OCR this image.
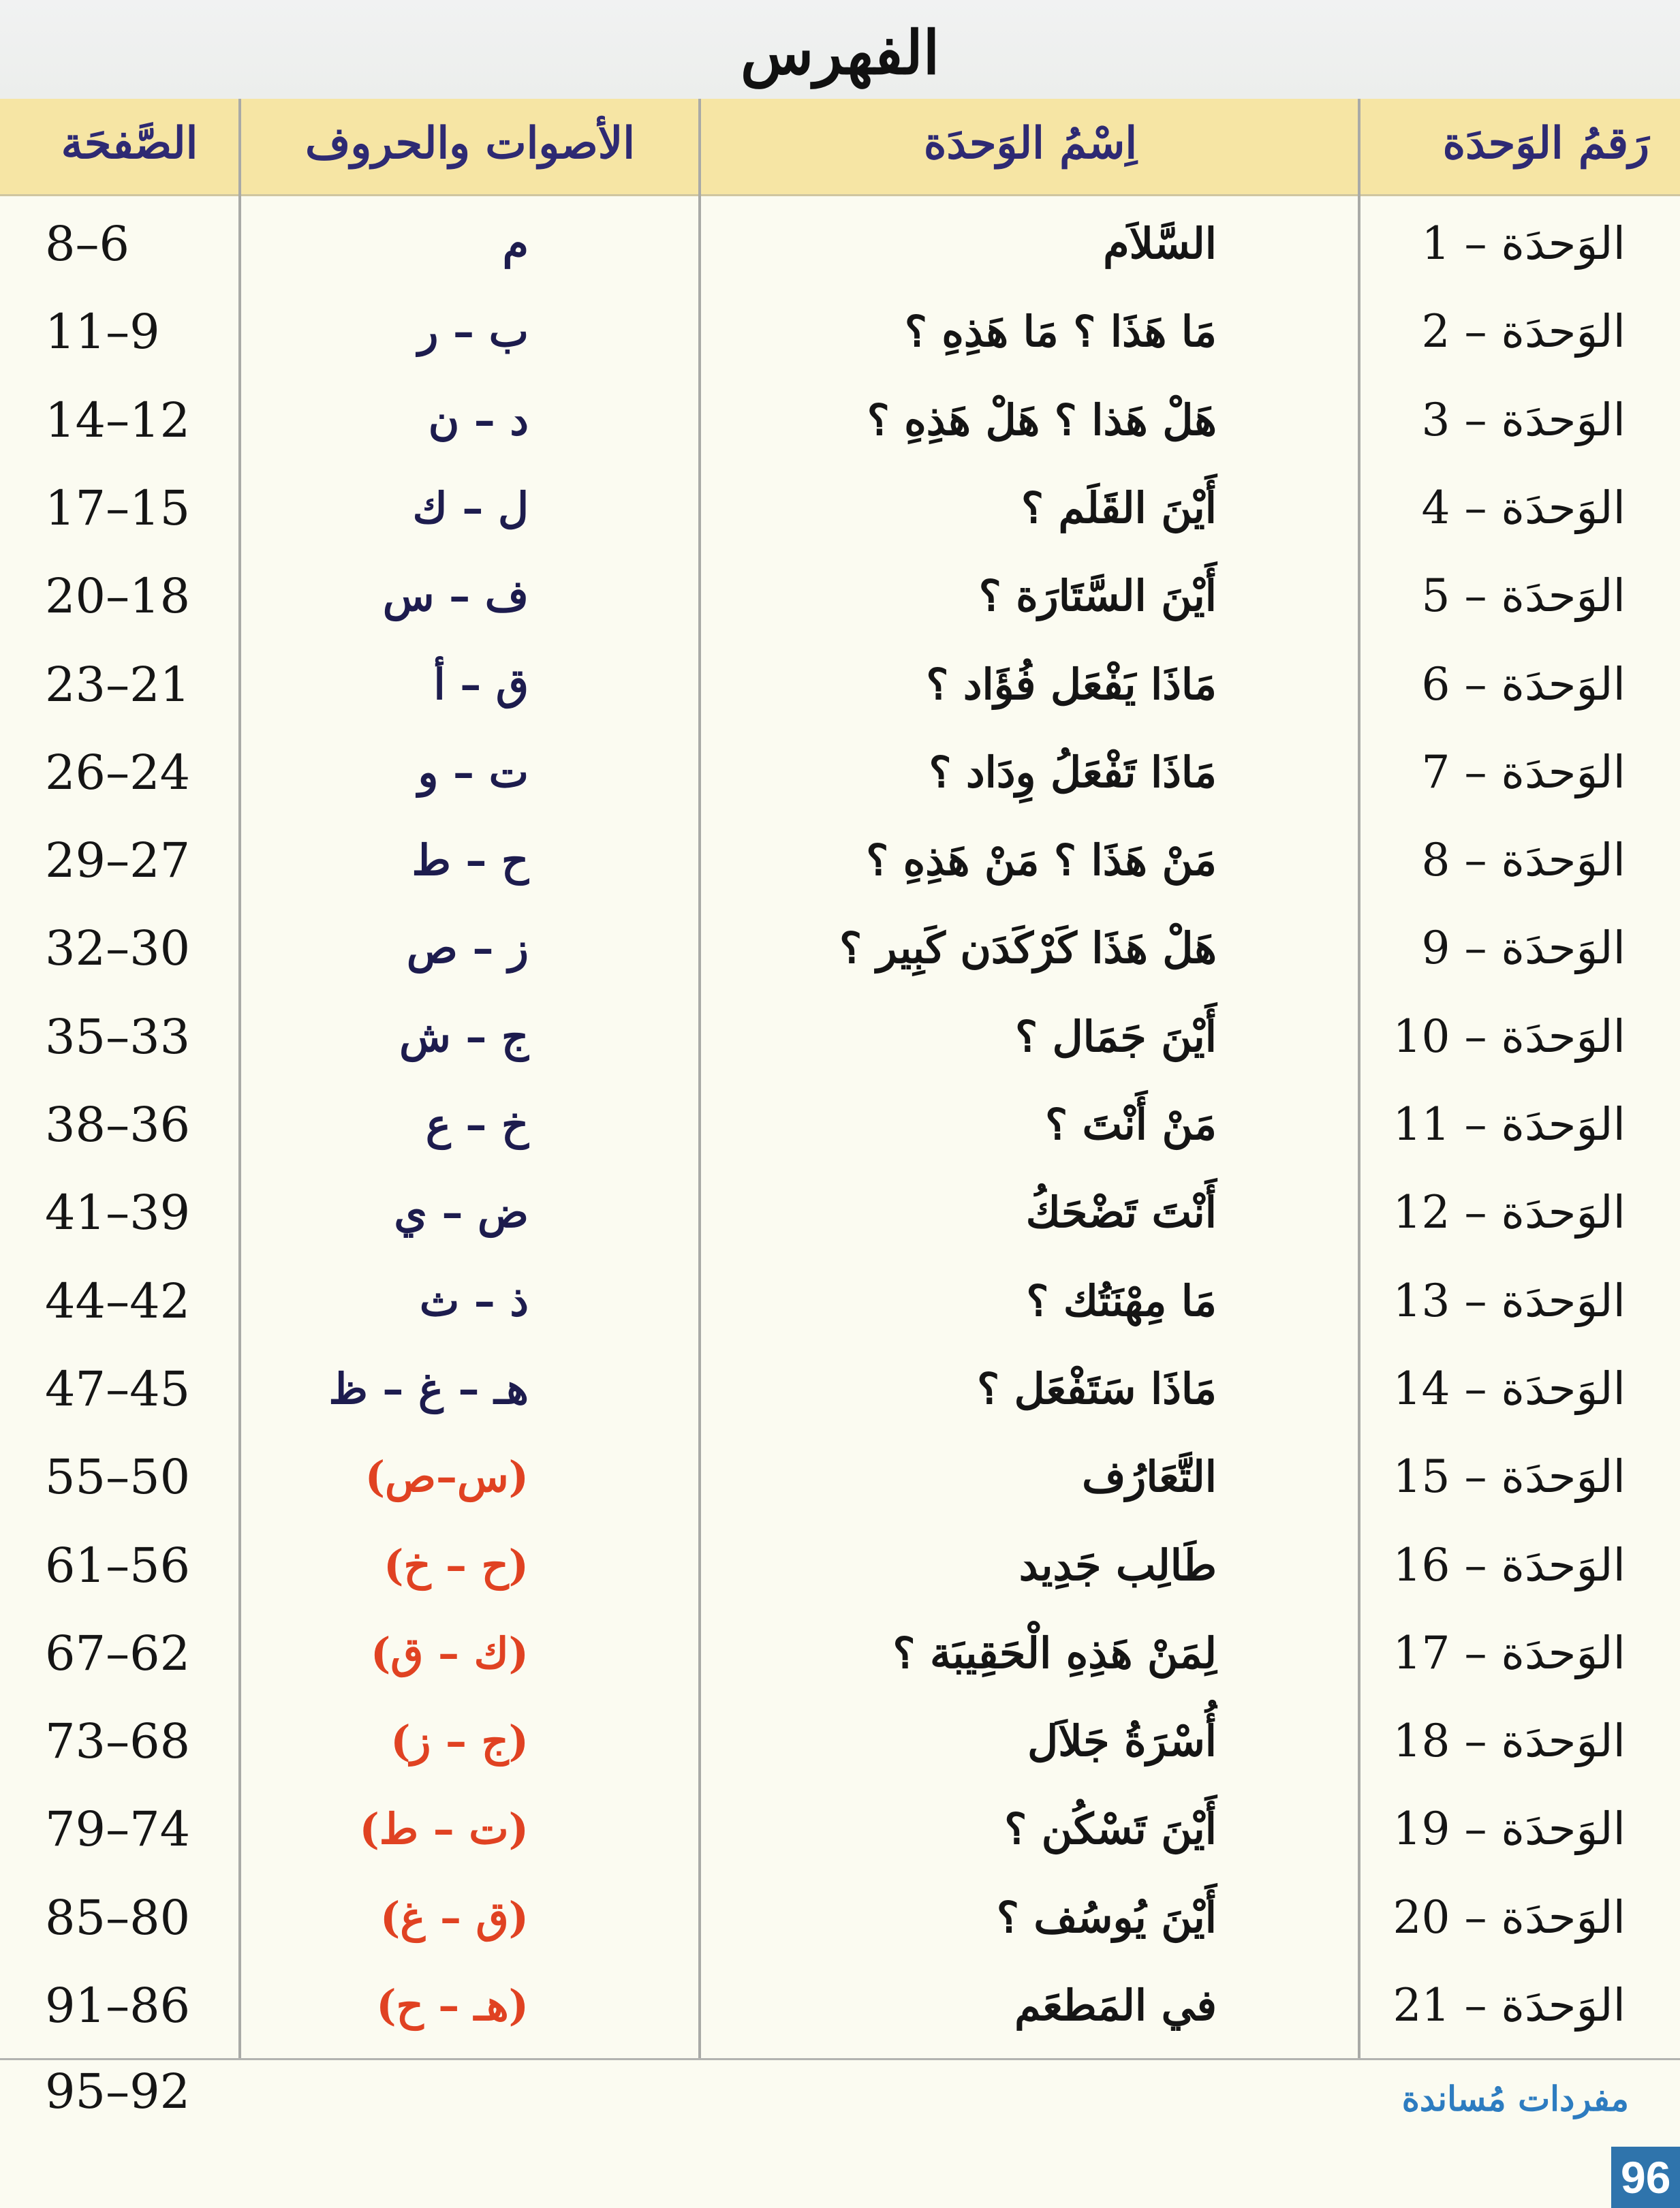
الفهرس
رَقمُ الوَحدَة
اِسْمُ الوَحدَة
الأصوات والحروف
الصَّفحَة
الوَحدَة – 1
السَّلاَم
م
8–6
الوَحدَة – 2
مَا هَذَا ؟ مَا هَذِهِ ؟
ب – ر
11–9
الوَحدَة – 3
هَلْ هَذا ؟ هَلْ هَذِهِ ؟
د – ن
14–12
الوَحدَة – 4
أَيْنَ القَلَم ؟
ل – ك
17–15
الوَحدَة – 5
أَيْنَ السَّتَارَة ؟
ف – س
20–18
الوَحدَة – 6
مَاذَا يَفْعَل فُؤَاد ؟
ق – أ
23–21
الوَحدَة – 7
مَاذَا تَفْعَلُ وِدَاد ؟
ت – و
26–24
الوَحدَة – 8
مَنْ هَذَا ؟ مَنْ هَذِهِ ؟
ح – ط
29–27
الوَحدَة – 9
هَلْ هَذَا كَرْكَدَن كَبِير ؟
ز – ص
32–30
الوَحدَة – 10
أَيْنَ جَمَال ؟
ج – ش
35–33
الوَحدَة – 11
مَنْ أَنْتَ ؟
خ – ع
38–36
الوَحدَة – 12
أَنْتَ تَضْحَكُ
ض – ي
41–39
الوَحدَة – 13
مَا مِهْنَتُك ؟
ذ – ث
44–42
الوَحدَة – 14
مَاذَا سَتَفْعَل ؟
هـ – غ – ظ
47–45
الوَحدَة – 15
التَّعَارُف
(س–ص)
55–50
الوَحدَة – 16
طَالِب جَدِيد
(ح – خ)
61–56
الوَحدَة – 17
لِمَنْ هَذِهِ الْحَقِيبَة ؟
(ك – ق)
67–62
الوَحدَة – 18
أُسْرَةُ جَلاَل
(ج – ز)
73–68
الوَحدَة – 19
أَيْنَ تَسْكُن ؟
(ت – ط)
79–74
الوَحدَة – 20
أَيْنَ يُوسُف ؟
(ق – غ)
85–80
الوَحدَة – 21
في المَطعَم
(هـ – ح)
91–86
95–92	مفردات مُساندة
96
